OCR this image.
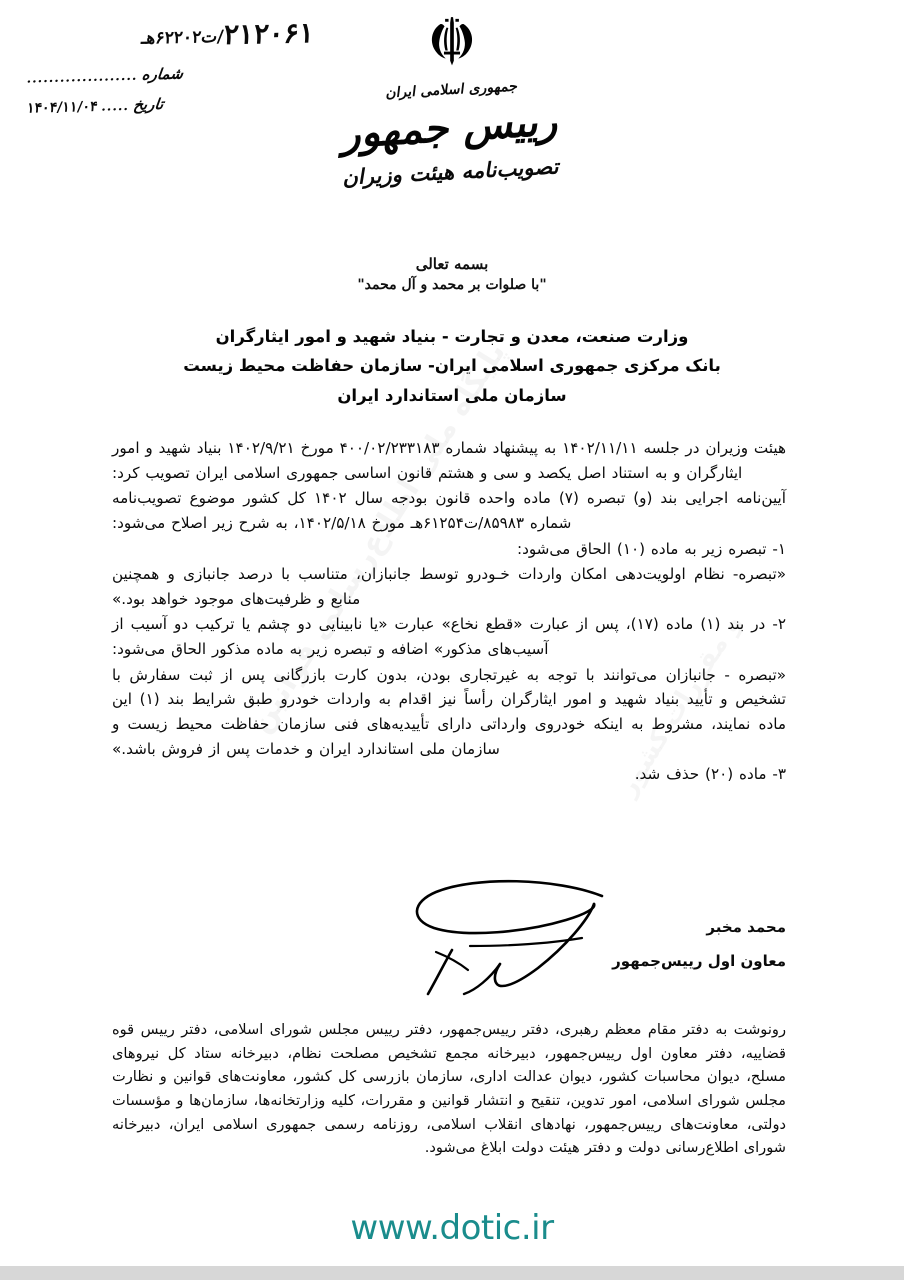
۲۱۲۰۶۱/ت۶۲۲۰۲هـ
شماره
....................
تاریخ
.....
۱۴۰۴/۱۱/۰۴
جمهوری اسلامی ایران
رییس جمهور
تصویب‌نامه هیئت وزیران
بسمه تعالی
"با صلوات بر محمد و آل محمد"
وزارت صنعت، معدن و تجارت - بنیاد شهید و امور ایثارگران
بانک مرکزی جمهوری اسلامی ایران- سازمان حفاظت محیط زیست
سازمان ملی استاندارد ایران

هیئت وزیران در جلسه ۱۴۰۲/۱۱/۱۱ به پیشنهاد شماره ۴۰۰/۰۲/۲۳۳۱۸۳ مورخ ۱۴۰۲/۹/۲۱ بنیاد شهید و امور ایثارگران و به استناد اصل یکصد و سی و هشتم قانون اساسی جمهوری اسلامی ایران تصویب کرد:

آیین‌نامه اجرایی بند (و) تبصره (۷) ماده واحده قانون بودجه سال ۱۴۰۲ کل کشور موضوع تصویب‌نامه شماره ۸۵۹۸۳/ت۶۱۲۵۴هـ مورخ ۱۴۰۲/۵/۱۸، به شرح زیر اصلاح می‌شود:

۱- تبصره زیر به ماده (۱۰) الحاق می‌شود:

«تبصره- نظام اولویت‌دهی امکان واردات خـودرو توسط جانبازان، متناسب با درصد جانبازی و همچنین منابع و ظرفیت‌های موجود خواهد بود.»

۲- در بند (۱) ماده (۱۷)، پس از عبارت «قطع نخاع» عبارت «یا نابینایی دو چشم یا ترکیب دو آسیب از آسیب‌های مذکور» اضافه و تبصره زیر به ماده مذکور الحاق می‌شود:

«تبصره - جانبازان می‌توانند با توجه به غیرتجاری بودن، بدون کارت بازرگانی پس از ثبت سفارش با تشخیص و تأیید بنیاد شهید و امور ایثارگران رأساً نیز اقدام به واردات خودرو طبق شرایط بند (۱) این ماده نمایند، مشروط به اینکه خودروی وارداتی دارای تأییدیه‌های فنی سازمان حفاظت محیط زیست و سازمان ملی استاندارد ایران و خدمات پس از فروش باشد.»

۳- ماده (۲۰) حذف شد.

محمد مخبر
معاون اول رییس‌جمهور

رونوشت به دفتر مقام معظم رهبری، دفتر رییس‌جمهور، دفتر رییس مجلس شورای اسلامی، دفتر رییس قوه قضاییه، دفتر معاون اول رییس‌جمهور، دبیرخانه مجمع تشخیص مصلحت نظام، دبیرخانه ستاد کل نیروهای مسلح، دیوان محاسبات کشور، دیوان عدالت اداری، سازمان بازرسی کل کشور، معاونت‌های قوانین و نظارت مجلس شورای اسلامی، امور تدوین، تنقیح و انتشار قوانین و مقررات، کلیه وزارتخانه‌ها، سازمان‌ها و مؤسسات دولتی، معاونت‌های رییس‌جمهور، نهادهای انقلاب اسلامی، روزنامه رسمی جمهوری اسلامی ایران، دبیرخانه شورای اطلاع‌رسانی دولت و دفتر هیئت دولت ابلاغ می‌شود.

www.dotic.ir
